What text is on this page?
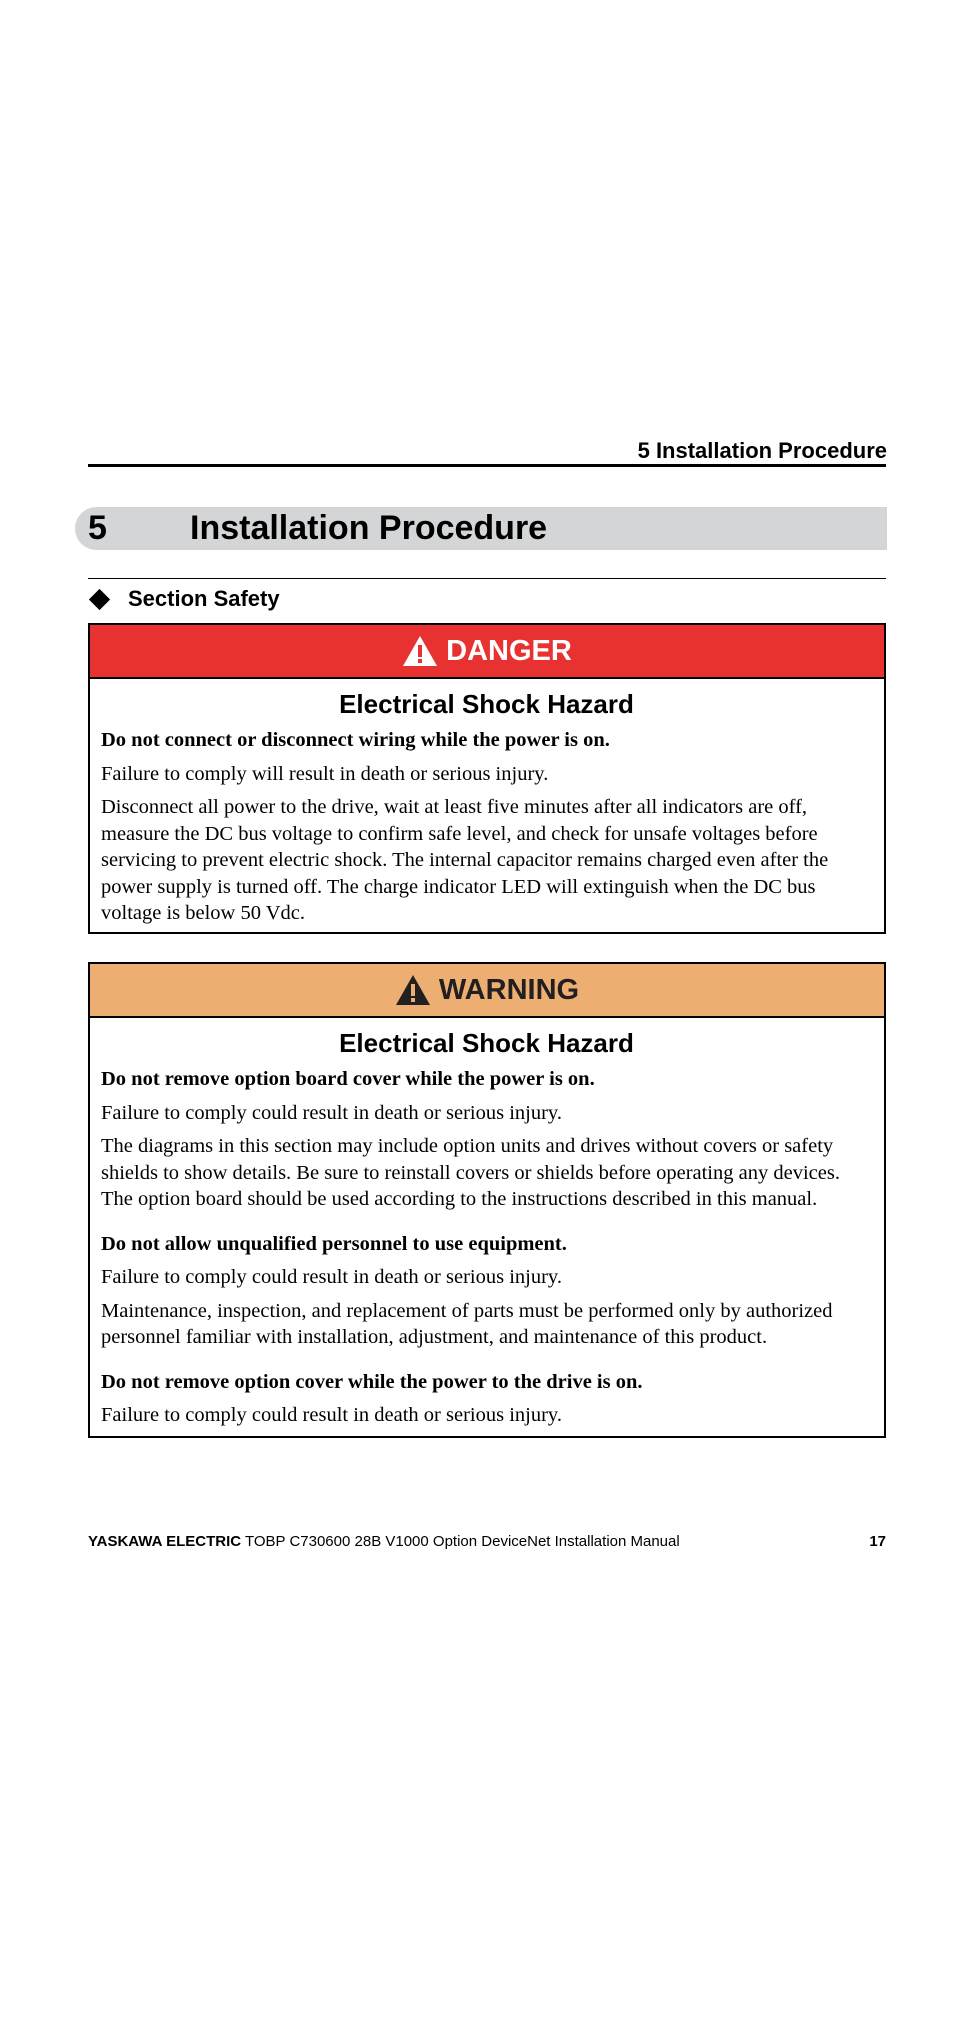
5 Installation Procedure
5 Installation Procedure
Section Safety
DANGER
Electrical Shock Hazard

Do not connect or disconnect wiring while the power is on.

Failure to comply will result in death or serious injury.

Disconnect all power to the drive, wait at least five minutes after all indicators are off, measure the DC bus voltage to confirm safe level, and check for unsafe voltages before servicing to prevent electric shock. The internal capacitor remains charged even after the power supply is turned off. The charge indicator LED will extinguish when the DC bus voltage is below 50 Vdc.

WARNING
Electrical Shock Hazard

Do not remove option board cover while the power is on.

Failure to comply could result in death or serious injury.

The diagrams in this section may include option units and drives without covers or safety shields to show details. Be sure to reinstall covers or shields before operating any devices. The option board should be used according to the instructions described in this manual.

Do not allow unqualified personnel to use equipment.

Failure to comply could result in death or serious injury.

Maintenance, inspection, and replacement of parts must be performed only by authorized personnel familiar with installation, adjustment, and maintenance of this product.

Do not remove option cover while the power to the drive is on.

Failure to comply could result in death or serious injury.

YASKAWA ELECTRIC TOBP C730600 28B V1000 Option DeviceNet Installation Manual	17
